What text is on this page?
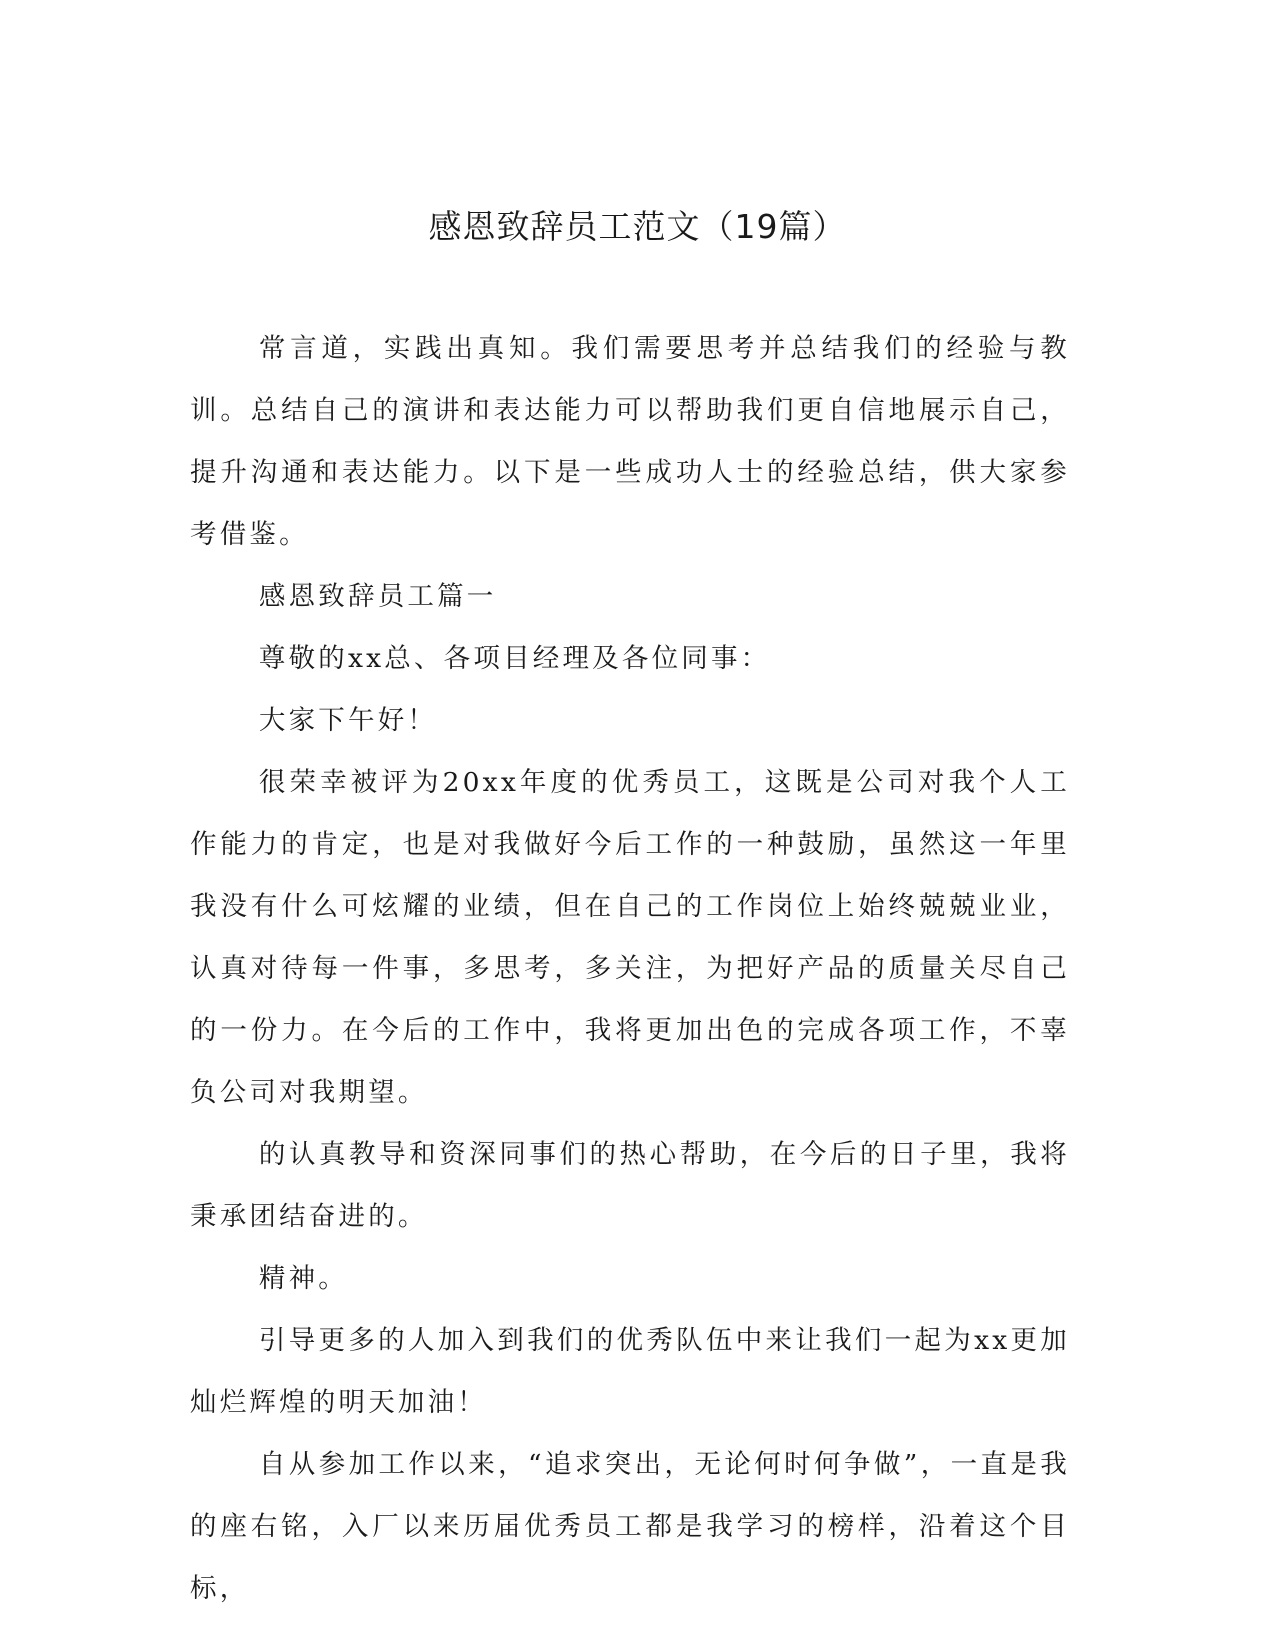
感恩致辞员工范文（19篇）

常言道，实践出真知。我们需要思考并总结我们的经验与教训。总结自己的演讲和表达能力可以帮助我们更自信地展示自己，提升沟通和表达能力。以下是一些成功人士的经验总结，供大家参考借鉴。

感恩致辞员工篇一

尊敬的xx总、各项目经理及各位同事：

大家下午好！

很荣幸被评为20xx年度的优秀员工，这既是公司对我个人工作能力的肯定，也是对我做好今后工作的一种鼓励，虽然这一年里我没有什么可炫耀的业绩，但在自己的工作岗位上始终兢兢业业，认真对待每一件事，多思考，多关注，为把好产品的质量关尽自己的一份力。在今后的工作中，我将更加出色的完成各项工作，不辜负公司对我期望。

的认真教导和资深同事们的热心帮助，在今后的日子里，我将秉承团结奋进的。

精神。

引导更多的人加入到我们的优秀队伍中来让我们一起为xx更加灿烂辉煌的明天加油！

自从参加工作以来，“追求突出，无论何时何争做”，一直是我的座右铭，入厂以来历届优秀员工都是我学习的榜样，沿着这个目标，
